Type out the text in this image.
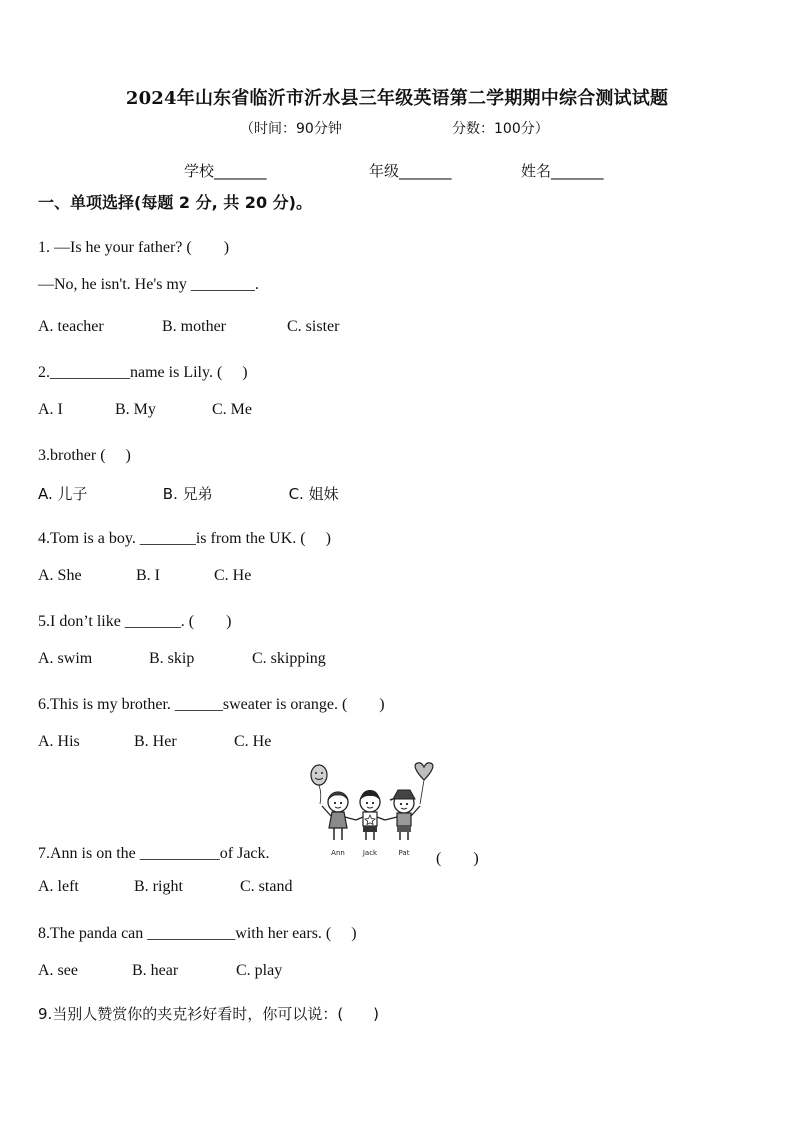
2024年山东省临沂市沂水县三年级英语第二学期期中综合测试试题
（时间：90分钟	分数：100分）
学校_______	年级_______	姓名_______
一、单项选择(每题 2 分, 共 20 分)。
1. —Is he your father? (　　)
—No, he isn't. He's my ________.
A. teacher	B. mother	C. sister
2.__________name is Lily. (　 )
A. I	B. My	C. Me
3.brother (　 )
A. 儿子	B. 兄弟	C. 姐妹
4.Tom is a boy. _______is from the UK. (　 )
A. She	B. I	C. He
5.I don’t like _______. (　　)
A. swim	B. skip	C. skipping
6.This is my brother. ______sweater is orange. (　　)
A. His	B. Her	C. He
Ann	Jack	Pat
7.Ann is on the __________of Jack.	(　　)
A. left	B. right	C. stand
8.The panda can ___________with her ears. (　 )
A. see	B. hear	C. play
9.当别人赞赏你的夹克衫好看时，你可以说：(　　)
